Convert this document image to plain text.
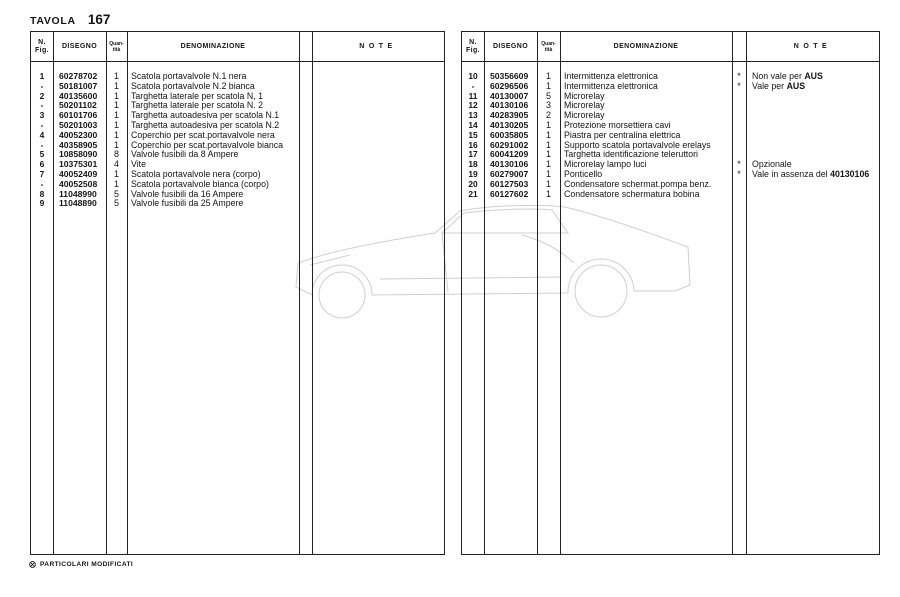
TAVOLA 167
N.
Fig.
DISEGNO	Quan-
tità	DENOMINAZIONE	NOTE
1	60278702	1	Scatola portavalvole N.1 nera
-	50181007	1	Scatola portavalvole N.2 bianca
2	40135600	1	Targhetta laterale per scatola N, 1
-	50201102	1	Targhetta laterale per scatola N. 2
3	60101706	1	Targhetta autoadesiva per scatola N.1
-	50201003	1	Targhetta autoadesiva per scatola N.2
4	40052300	1	Coperchio per scat.portavalvole nera
-	40358905	1	Coperchio per scat.portavalvole bianca
5	10858090	8	Valvole fusibili da 8 Ampere
6	10375301	4	Vite
7	40052409	1	Scatola portavalvole nera (corpo)
-	40052508	1	Scatola portavalvole bianca (corpo)
8	11048990	5	Valvole fusibili da 16 Ampere
9	11048890	5	Valvole fusibili da 25 Ampere
N.
Fig.
DISEGNO	Quan-
tità	DENOMINAZIONE	NOTE
10	50356609	1	Intermittenza elettronica	*	Non vale per AUS
-	60296506	1	Intermittenza elettronica	*	Vale per AUS
11	40130007	5	Microrelay
12	40130106	3	Microrelay
13	40283905	2	Microrelay
14	40130205	1	Protezione morsettiera cavi
15	60035805	1	Piastra per centralina elettrica
16	60291002	1	Supporto scatola portavalvole erelays
17	60041209	1	Targhetta identificazione teleruttori
18	40130106	1	Microrelay lampo luci	*	Opzionale
19	60279007	1	Ponticello	*	Vale in assenza del 40130106
20	60127503	1	Condensatore schermat.pompa benz.
21	60127602	1	Condensatore schermatura bobina
PARTICOLARI MODIFICATI
